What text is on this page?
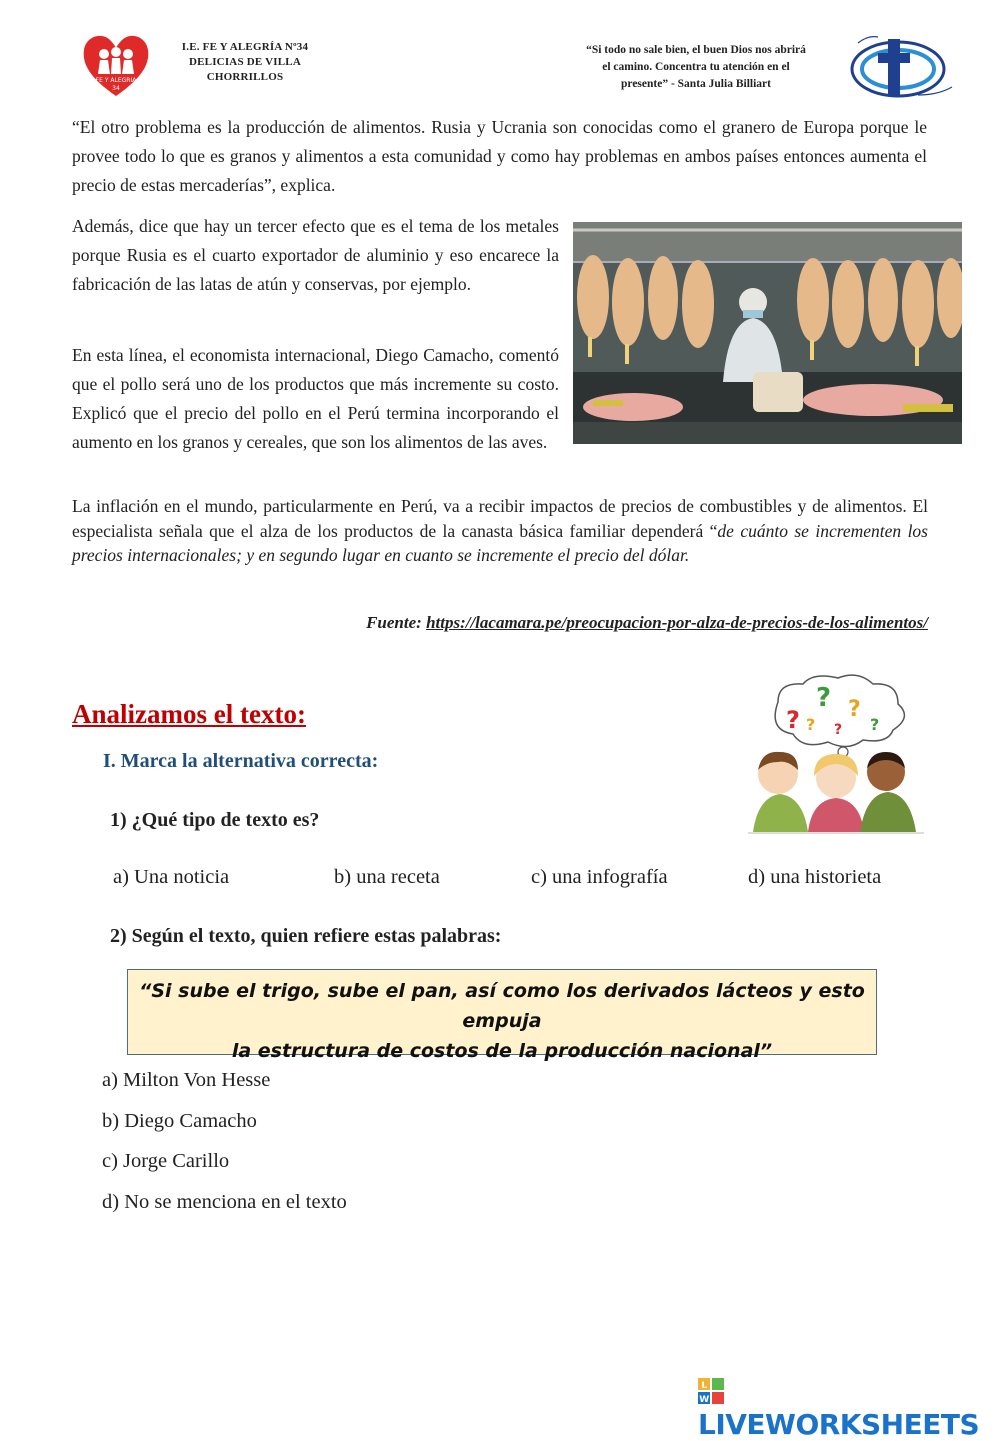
FE Y ALEGRIA
34
I.E. FE Y ALEGRÍA Nº34
DELICIAS DE VILLA
CHORRILLOS
“Si todo no sale bien, el buen Dios nos abrirá
el camino. Concentra tu atención en el
presente” - Santa Julia Billiart
“El otro problema es la producción de alimentos. Rusia y Ucrania son conocidas como el granero de Europa porque le provee todo lo que es granos y alimentos a esta comunidad y como hay problemas en ambos países entonces aumenta el precio de estas mercaderías”, explica.
Además, dice que hay un tercer efecto que es el tema de los metales porque Rusia es el cuarto exportador de aluminio y eso encarece la fabricación de las latas de atún y conservas, por ejemplo.
En esta línea, el economista internacional, Diego Camacho, comentó que el pollo será uno de los productos que más incremente su costo. Explicó que el precio del pollo en el Perú termina incorporando el aumento en los granos y cereales, que son los alimentos de las aves.
La inflación en el mundo, particularmente en Perú, va a recibir impactos de precios de combustibles y de alimentos. El especialista señala que el alza de los productos de la canasta básica familiar dependerá “de cuánto se incrementen los precios internacionales; y en segundo lugar en cuanto se incremente el precio del dólar.
Fuente: https://lacamara.pe/preocupacion-por-alza-de-precios-de-los-alimentos/
Analizamos el texto:
I. Marca la alternativa correcta:
?
?
?
?
?
?
1) ¿Qué tipo de texto es?
a) Una noticia	b) una receta	c) una infografía	d) una historieta
2) Según el texto, quien refiere estas palabras:
“Si sube el trigo, sube el pan, así como los derivados lácteos y esto empuja
la estructura de costos de la producción nacional”
a) Milton Von Hesse
b) Diego Camacho
c) Jorge Carillo
d) No se menciona en el texto
L
W
LIVEWORKSHEETS
